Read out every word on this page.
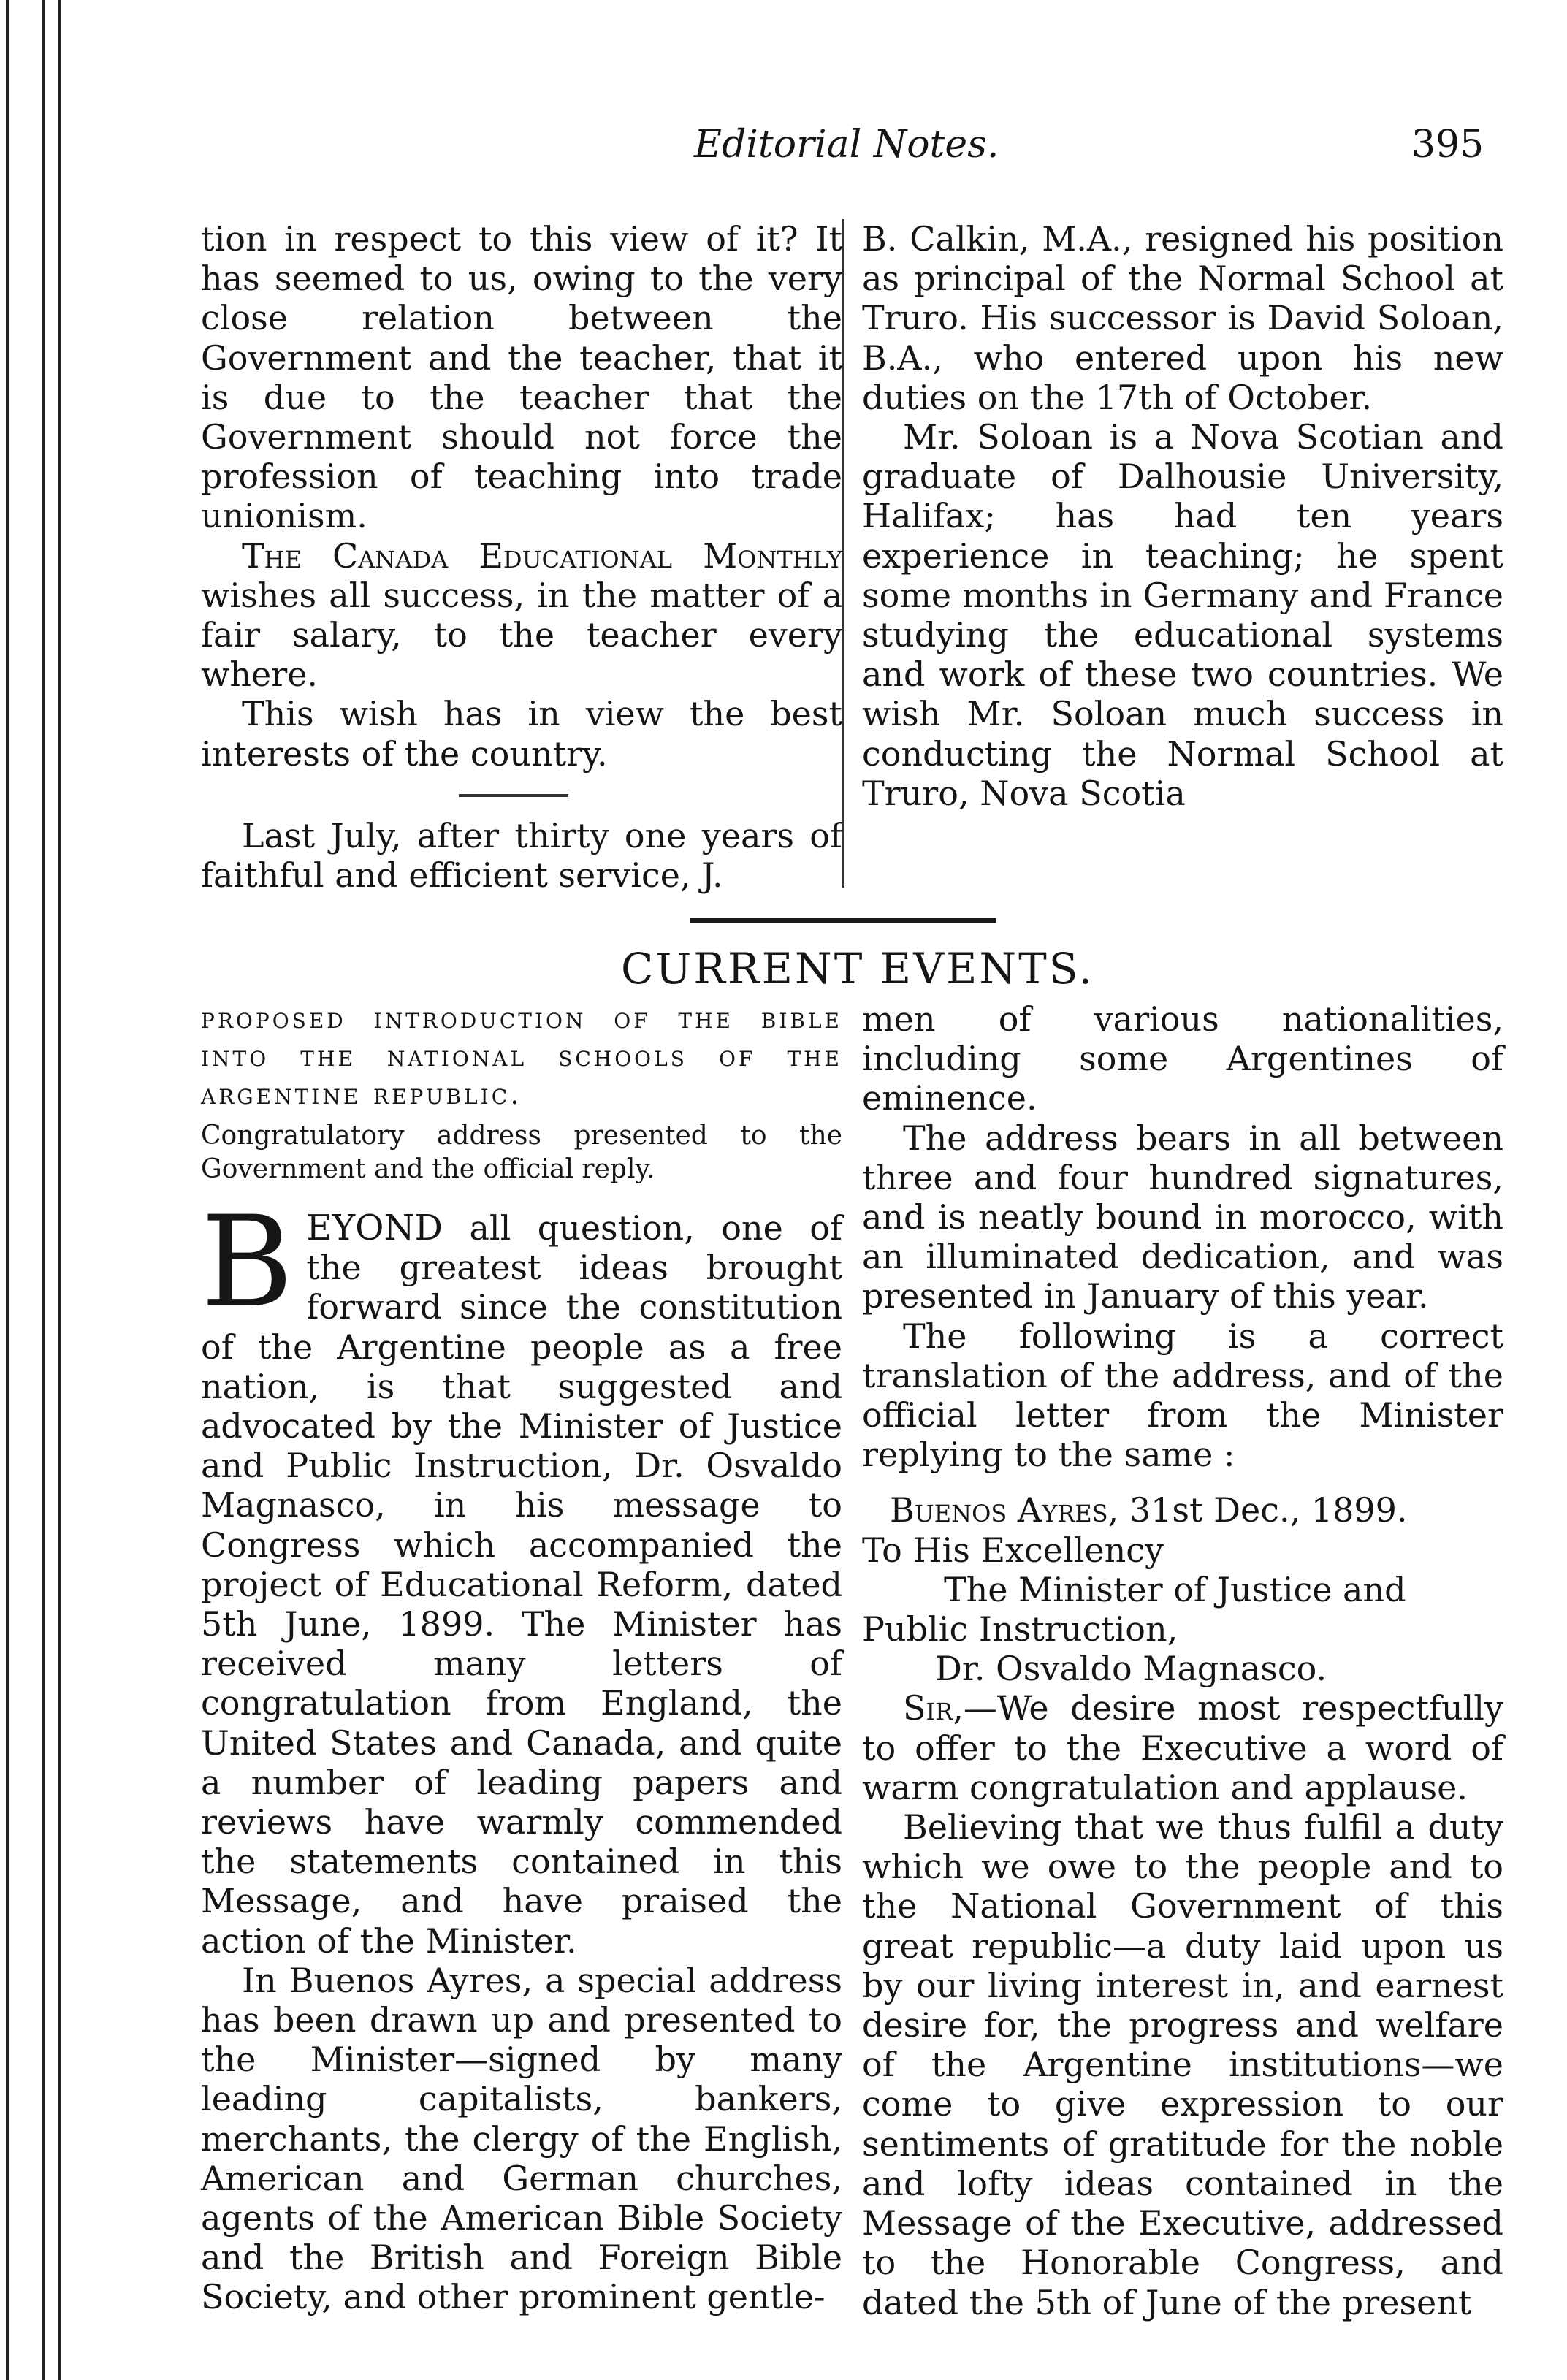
Editorial Notes.	395

tion in respect to this view of it? It has seemed to us, owing to the very close relation between the Government and the teacher, that it is due to the teacher that the Government should not force the profession of teaching into trade unionism.

The Canada Educational Monthly wishes all success, in the matter of a fair salary, to the teacher every where.

This wish has in view the best interests of the country.

Last July, after thirty one years of faithful and efficient service, J.

B. Calkin, M.A., resigned his position as principal of the Normal School at Truro. His successor is David Soloan, B.A., who entered upon his new duties on the 17th of October.

Mr. Soloan is a Nova Scotian and graduate of Dalhousie University, Halifax; has had ten years experience in teaching; he spent some months in Germany and France studying the educational systems and work of these two countries. We wish Mr. Soloan much success in conducting the Normal School at Truro, Nova Scotia

CURRENT EVENTS.

proposed introduction of the bible into the national schools of the argentine republic.

Congratulatory address presented to the Government and the official reply.

BEYOND all question, one of the greatest ideas brought forward since the constitution of the Argentine people as a free nation, is that suggested and advocated by the Minister of Justice and Public Instruction, Dr. Osvaldo Magnasco, in his message to Congress which accompanied the project of Educational Reform, dated 5th June, 1899. The Minister has received many letters of congratulation from England, the United States and Canada, and quite a number of leading papers and reviews have warmly commended the statements contained in this Message, and have praised the action of the Minister.

In Buenos Ayres, a special address has been drawn up and presented to the Minister—signed by many leading capitalists, bankers, merchants, the clergy of the English, American and German churches, agents of the American Bible Society and the British and Foreign Bible Society, and other prominent gentle-

men of various nationalities, including some Argentines of eminence.

The address bears in all between three and four hundred signatures, and is neatly bound in morocco, with an illuminated dedication, and was presented in January of this year.

The following is a correct translation of the address, and of the official letter from the Minister replying to the same :

Buenos Ayres, 31st Dec., 1899.

To His Excellency

The Minister of Justice and

Public Instruction,

Dr. Osvaldo Magnasco.

Sir,—We desire most respectfully to offer to the Executive a word of warm congratulation and applause.

Believing that we thus fulfil a duty which we owe to the people and to the National Government of this great republic—a duty laid upon us by our living interest in, and earnest desire for, the progress and welfare of the Argentine institutions—we come to give expression to our sentiments of gratitude for the noble and lofty ideas contained in the Message of the Executive, addressed to the Honorable Congress, and dated the 5th of June of the present
